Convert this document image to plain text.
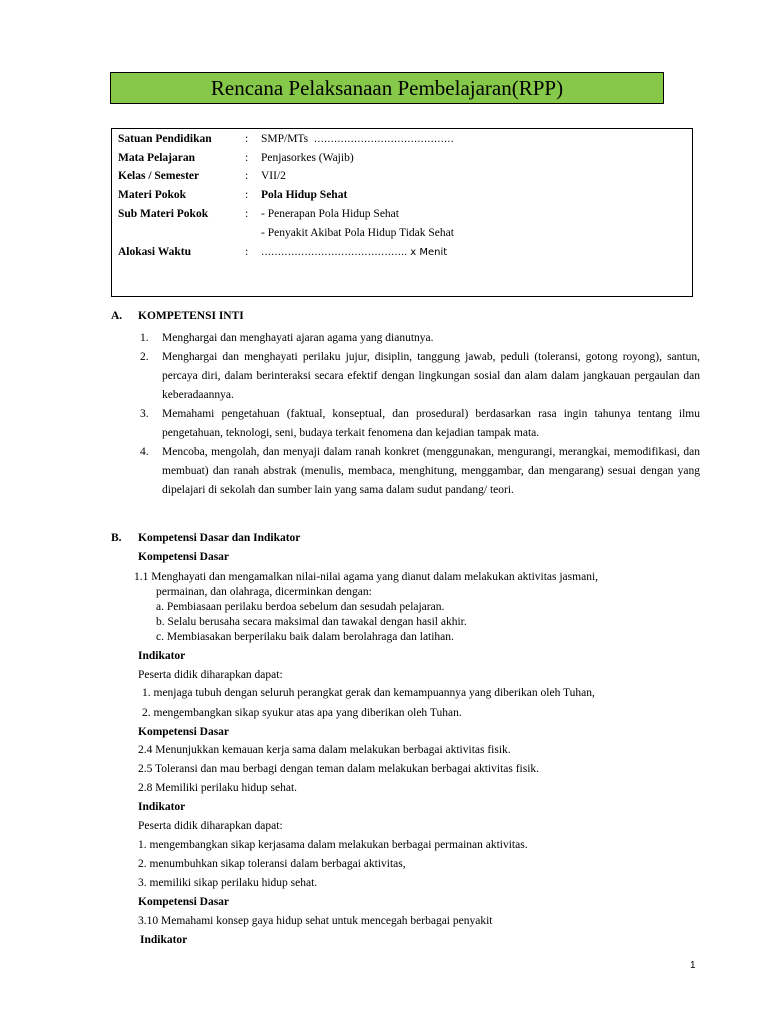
Rencana Pelaksanaan Pembelajaran(RPP)
Satuan Pendidikan	:	SMP/MTs ……………………………………
Mata Pelajaran	:	Penjasorkes (Wajib)
Kelas / Semester	:	VII/2
Materi Pokok	:	Pola Hidup Sehat
Sub Materi Pokok	:	- Penerapan Pola Hidup Sehat
- Penyakit Akibat Pola Hidup Tidak Sehat
Alokasi Waktu	:	…………………………………….. x Menit
A. KOMPETENSI INTI
1. Menghargai dan menghayati ajaran agama yang dianutnya.
2. Menghargai dan menghayati perilaku jujur, disiplin, tanggung jawab, peduli (toleransi, gotong royong), santun, percaya diri, dalam berinteraksi secara efektif dengan lingkungan sosial dan alam dalam jangkauan pergaulan dan keberadaannya.
3. Memahami pengetahuan (faktual, konseptual, dan prosedural) berdasarkan rasa ingin tahunya tentang ilmu pengetahuan, teknologi, seni, budaya terkait fenomena dan kejadian tampak mata.
4. Mencoba, mengolah, dan menyaji dalam ranah konkret (menggunakan, mengurangi, merangkai, memodifikasi, dan membuat) dan ranah abstrak (menulis, membaca, menghitung, menggambar, dan mengarang) sesuai dengan yang dipelajari di sekolah dan sumber lain yang sama dalam sudut pandang/ teori.
B. Kompetensi Dasar dan Indikator
Kompetensi Dasar
1.1 Menghayati dan mengamalkan nilai-nilai agama yang dianut dalam melakukan aktivitas jasmani,
permainan, dan olahraga, dicerminkan dengan:
a. Pembiasaan perilaku berdoa sebelum dan sesudah pelajaran.
b. Selalu berusaha secara maksimal dan tawakal dengan hasil akhir.
c. Membiasakan berperilaku baik dalam berolahraga dan latihan.
Indikator
Peserta didik diharapkan dapat:
1. menjaga tubuh dengan seluruh perangkat gerak dan kemampuannya yang diberikan oleh Tuhan,
2. mengembangkan sikap syukur atas apa yang diberikan oleh Tuhan.
Kompetensi Dasar
2.4 Menunjukkan kemauan kerja sama dalam melakukan berbagai aktivitas fisik.
2.5 Toleransi dan mau berbagi dengan teman dalam melakukan berbagai aktivitas fisik.
2.8 Memiliki perilaku hidup sehat.
Indikator
Peserta didik diharapkan dapat:
1. mengembangkan sikap kerjasama dalam melakukan berbagai permainan aktivitas.
2. menumbuhkan sikap toleransi dalam berbagai aktivitas,
3. memiliki sikap perilaku hidup sehat.
Kompetensi Dasar
3.10 Memahami konsep gaya hidup sehat untuk mencegah berbagai penyakit
Indikator
1
